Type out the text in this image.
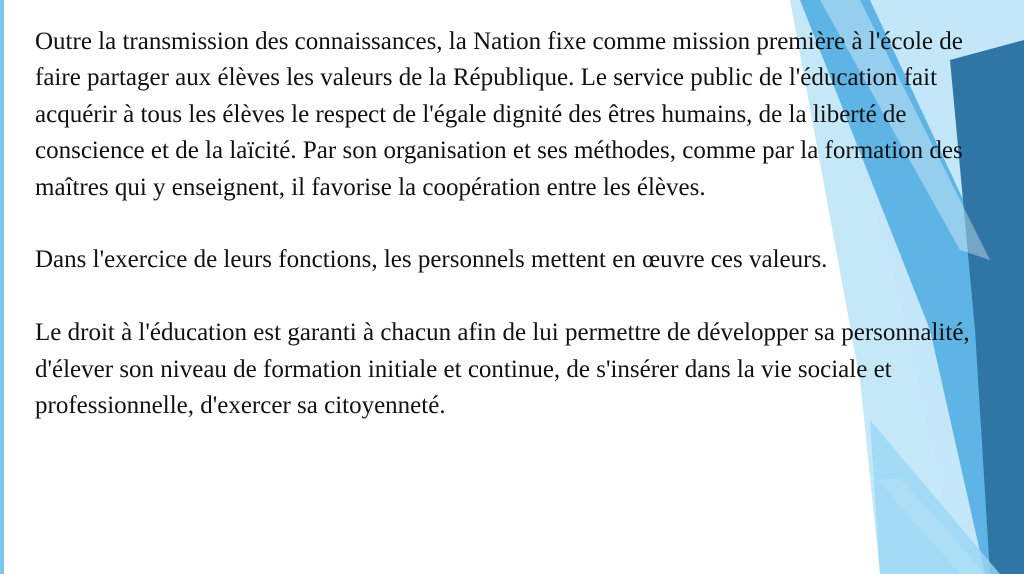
Outre la transmission des connaissances, la Nation fixe comme mission première à l'école de faire partager aux élèves les valeurs de la République. Le service public de l'éducation fait acquérir à tous les élèves le respect de l'égale dignité des êtres humains, de la liberté de conscience et de la laïcité. Par son organisation et ses méthodes, comme par la formation des maîtres qui y enseignent, il favorise la coopération entre les élèves.

Dans l'exercice de leurs fonctions, les personnels mettent en œuvre ces valeurs.

Le droit à l'éducation est garanti à chacun afin de lui permettre de développer sa personnalité, d'élever son niveau de formation initiale et continue, de s'insérer dans la vie sociale et professionnelle, d'exercer sa citoyenneté.
